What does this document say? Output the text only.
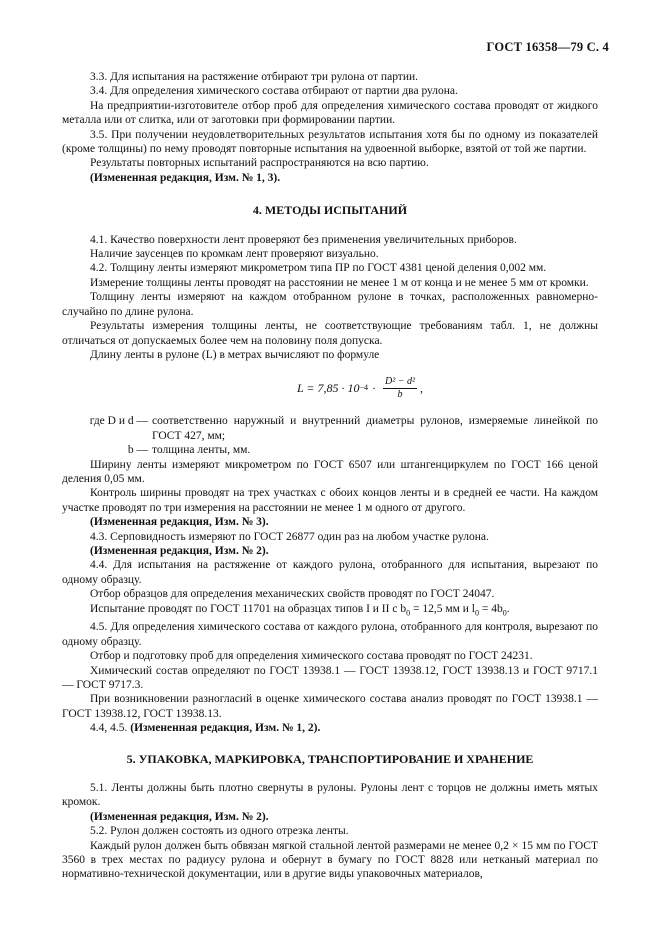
ГОСТ 16358—79 С. 4

3.3. Для испытания на растяжение отбирают три рулона от партии.

3.4. Для определения химического состава отбирают от партии два рулона.

На предприятии-изготовителе отбор проб для определения химического состава проводят от жидкого металла или от слитка, или от заготовки при формировании партии.

3.5. При получении неудовлетворительных результатов испытания хотя бы по одному из показателей (кроме толщины) по нему проводят повторные испытания на удвоенной выборке, взятой от той же партии.

Результаты повторных испытаний распространяются на всю партию.

(Измененная редакция, Изм. № 1, 3).

4. МЕТОДЫ ИСПЫТАНИЙ

4.1. Качество поверхности лент проверяют без применения увеличительных приборов.

Наличие заусенцев по кромкам лент проверяют визуально.

4.2. Толщину ленты измеряют микрометром типа ПР по ГОСТ 4381 ценой деления 0,002 мм.

Измерение толщины ленты проводят на расстоянии не менее 1 м от конца и не менее 5 мм от кромки.

Толщину ленты измеряют на каждом отобранном рулоне в точках, расположенных равномерно-случайно по длине рулона.

Результаты измерения толщины ленты, не соответствующие требованиям табл. 1, не должны отличаться от допускаемых более чем на половину поля допуска.

Длину ленты в рулоне (L) в метрах вычисляют по формуле

$L = 7,85 \cdot 10 -4 \cdot \frac{\text{D² − d²}}{b}$ ,
где D и d — соответственно наружный и внутренний диаметры рулонов, измеряемые линейкой по ГОСТ 427, мм;
b — толщина ленты, мм.

Ширину ленты измеряют микрометром по ГОСТ 6507 или штангенциркулем по ГОСТ 166 ценой деления 0,05 мм.

Контроль ширины проводят на трех участках с обоих концов ленты и в средней ее части. На каждом участке проводят по три измерения на расстоянии не менее 1 м одного от другого.

(Измененная редакция, Изм. № 3).

4.3. Серповидность измеряют по ГОСТ 26877 один раз на любом участке рулона.

(Измененная редакция, Изм. № 2).

4.4. Для испытания на растяжение от каждого рулона, отобранного для испытания, вырезают по одному образцу.

Отбор образцов для определения механических свойств проводят по ГОСТ 24047.

Испытание проводят по ГОСТ 11701 на образцах типов I и II с $b_0 = 12,5$ мм и $l_0 = 4b_0$.

4.5. Для определения химического состава от каждого рулона, отобранного для контроля, вырезают по одному образцу.

Отбор и подготовку проб для определения химического состава проводят по ГОСТ 24231.

Химический состав определяют по ГОСТ 13938.1 — ГОСТ 13938.12, ГОСТ 13938.13 и ГОСТ 9717.1 — ГОСТ 9717.3.

При возникновении разногласий в оценке химического состава анализ проводят по ГОСТ 13938.1 — ГОСТ 13938.12, ГОСТ 13938.13.

4.4, 4.5. (Измененная редакция, Изм. № 1, 2).

5. УПАКОВКА, МАРКИРОВКА, ТРАНСПОРТИРОВАНИЕ И ХРАНЕНИЕ

5.1. Ленты должны быть плотно свернуты в рулоны. Рулоны лент с торцов не должны иметь мятых кромок.

(Измененная редакция, Изм. № 2).

5.2. Рулон должен состоять из одного отрезка ленты.

Каждый рулон должен быть обвязан мягкой стальной лентой размерами не менее 0,2 × 15 мм по ГОСТ 3560 в трех местах по радиусу рулона и обернут в бумагу по ГОСТ 8828 или нетканый материал по нормативно-технической документации, или в другие виды упаковочных материалов,
